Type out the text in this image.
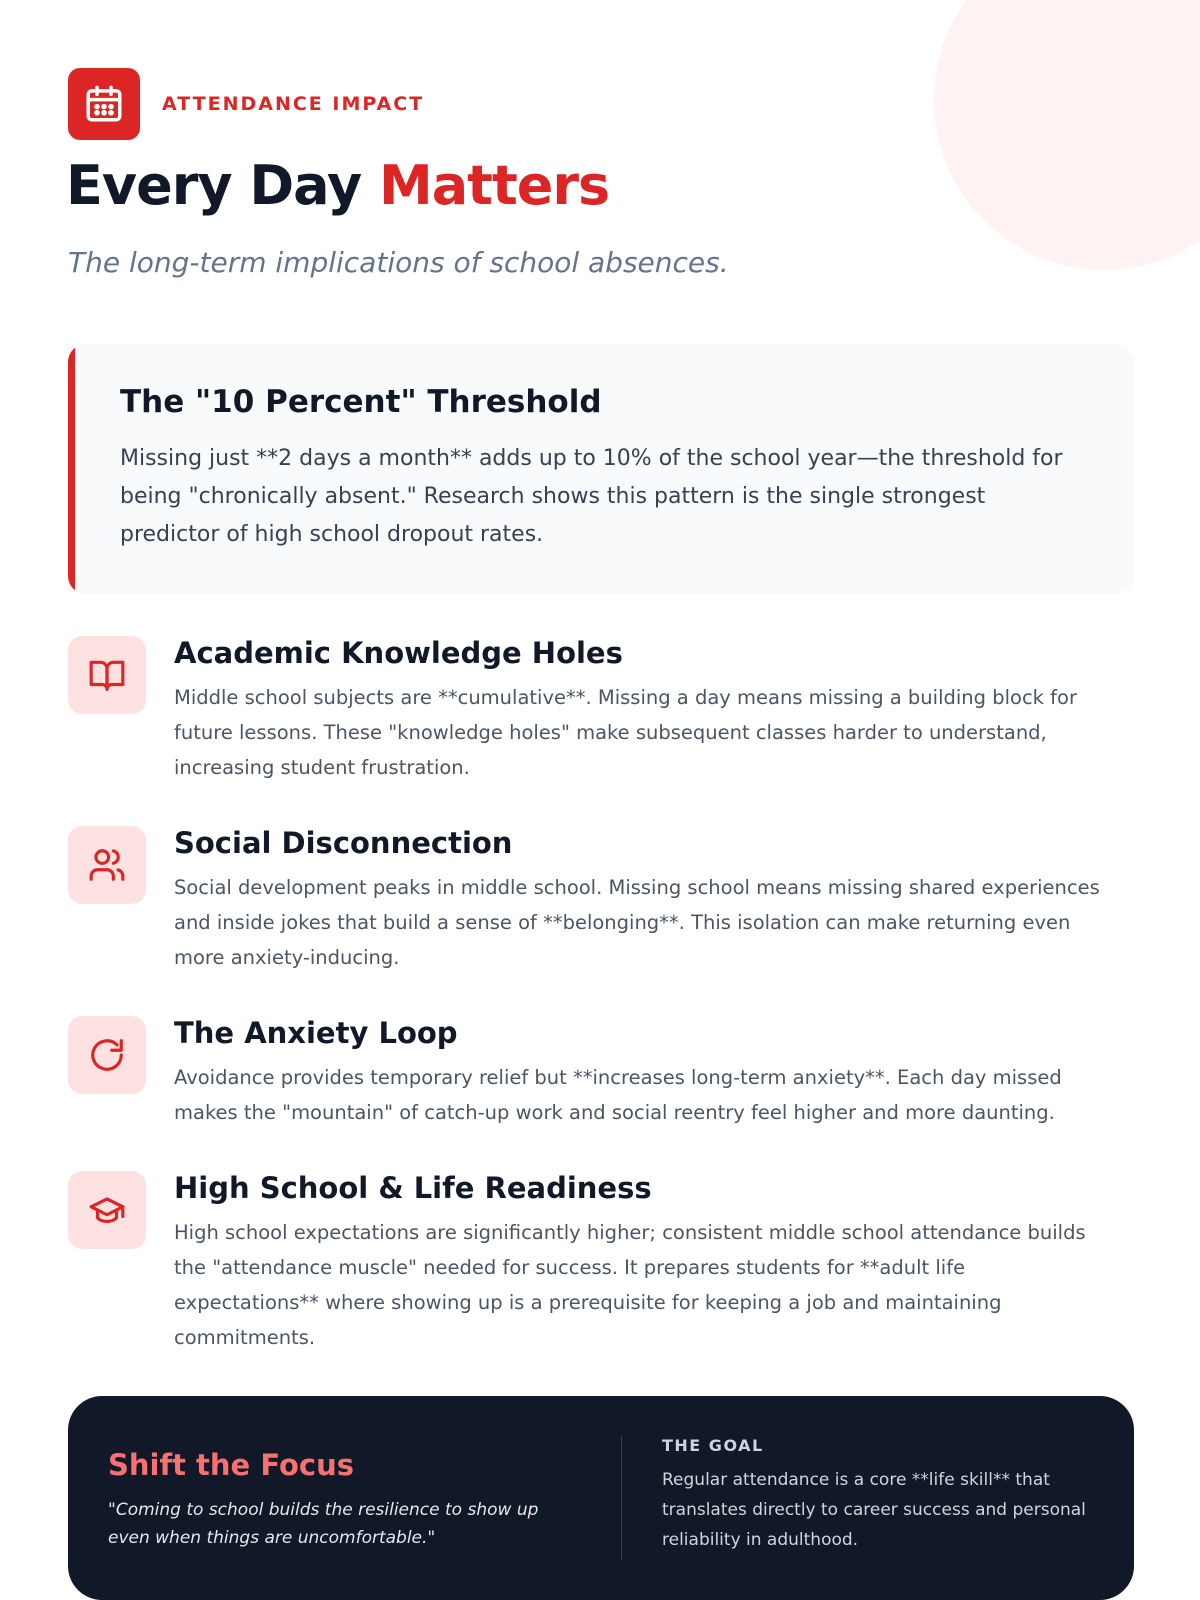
ATTENDANCE IMPACT
Every Day Matters

The long-term implications of school absences.

The "10 Percent" Threshold

Missing just **2 days a month** adds up to 10% of the school year—the threshold for being "chronically absent." Research shows this pattern is the single strongest predictor of high school dropout rates.

Academic Knowledge Holes

Middle school subjects are **cumulative**. Missing a day means missing a building block for future lessons. These "knowledge holes" make subsequent classes harder to understand, increasing student frustration.

Social Disconnection

Social development peaks in middle school. Missing school means missing shared experiences and inside jokes that build a sense of **belonging**. This isolation can make returning even more anxiety-inducing.

The Anxiety Loop

Avoidance provides temporary relief but **increases long-term anxiety**. Each day missed makes the "mountain" of catch-up work and social reentry feel higher and more daunting.

High School & Life Readiness

High school expectations are significantly higher; consistent middle school attendance builds the "attendance muscle" needed for success. It prepares students for **adult life expectations** where showing up is a prerequisite for keeping a job and maintaining commitments.

Shift the Focus

"Coming to school builds the resilience to show up even when things are uncomfortable."

THE GOAL

Regular attendance is a core **life skill** that translates directly to career success and personal reliability in adulthood.
